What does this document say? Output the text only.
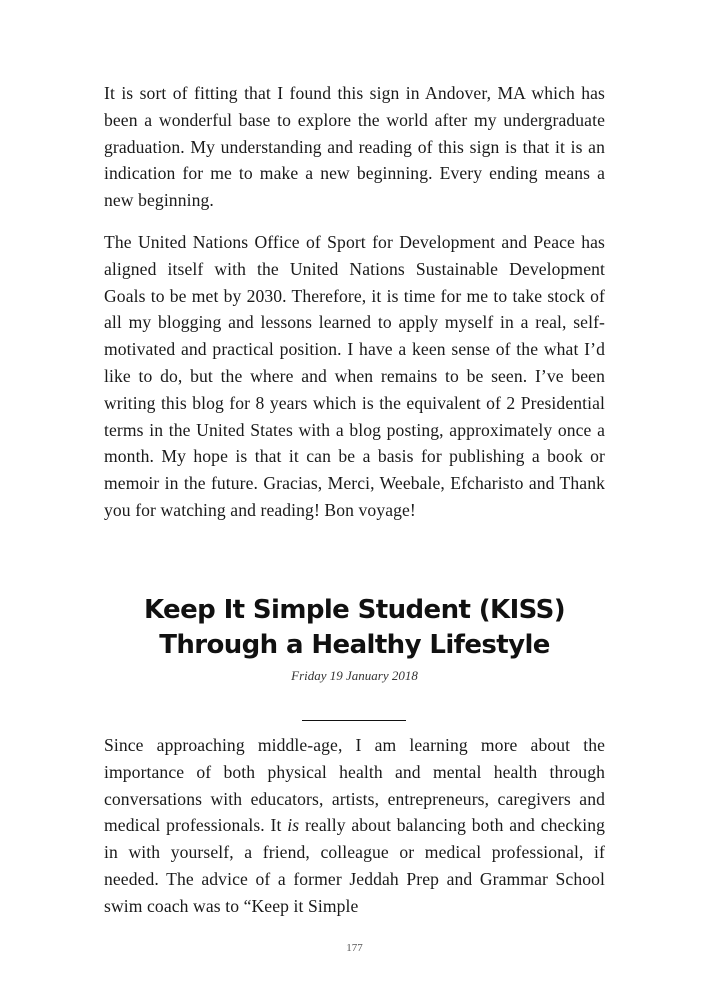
It is sort of fitting that I found this sign in Andover, MA which has been a wonderful base to explore the world after my undergraduate graduation. My understanding and reading of this sign is that it is an indication for me to make a new beginning. Every ending means a new beginning.

The United Nations Office of Sport for Development and Peace has aligned itself with the United Nations Sustainable Development Goals to be met by 2030. Therefore, it is time for me to take stock of all my blogging and lessons learned to apply myself in a real, self-motivated and practical position. I have a keen sense of the what I’d like to do, but the where and when remains to be seen. I’ve been writing this blog for 8 years which is the equivalent of 2 Presidential terms in the United States with a blog posting, approximately once a month. My hope is that it can be a basis for publishing a book or memoir in the future. Gracias, Merci, Weebale, Efcharisto and Thank you for watching and reading! Bon voyage!

Keep It Simple Student (KISS)
Through a Healthy Lifestyle
Friday 19 January 2018

Since approaching middle-age, I am learning more about the importance of both physical health and mental health through conversations with educators, artists, entrepreneurs, caregivers and medical professionals. It is really about balancing both and checking in with yourself, a friend, colleague or medical professional, if needed. The advice of a former Jeddah Prep and Grammar School swim coach was to “Keep it Simple

177
